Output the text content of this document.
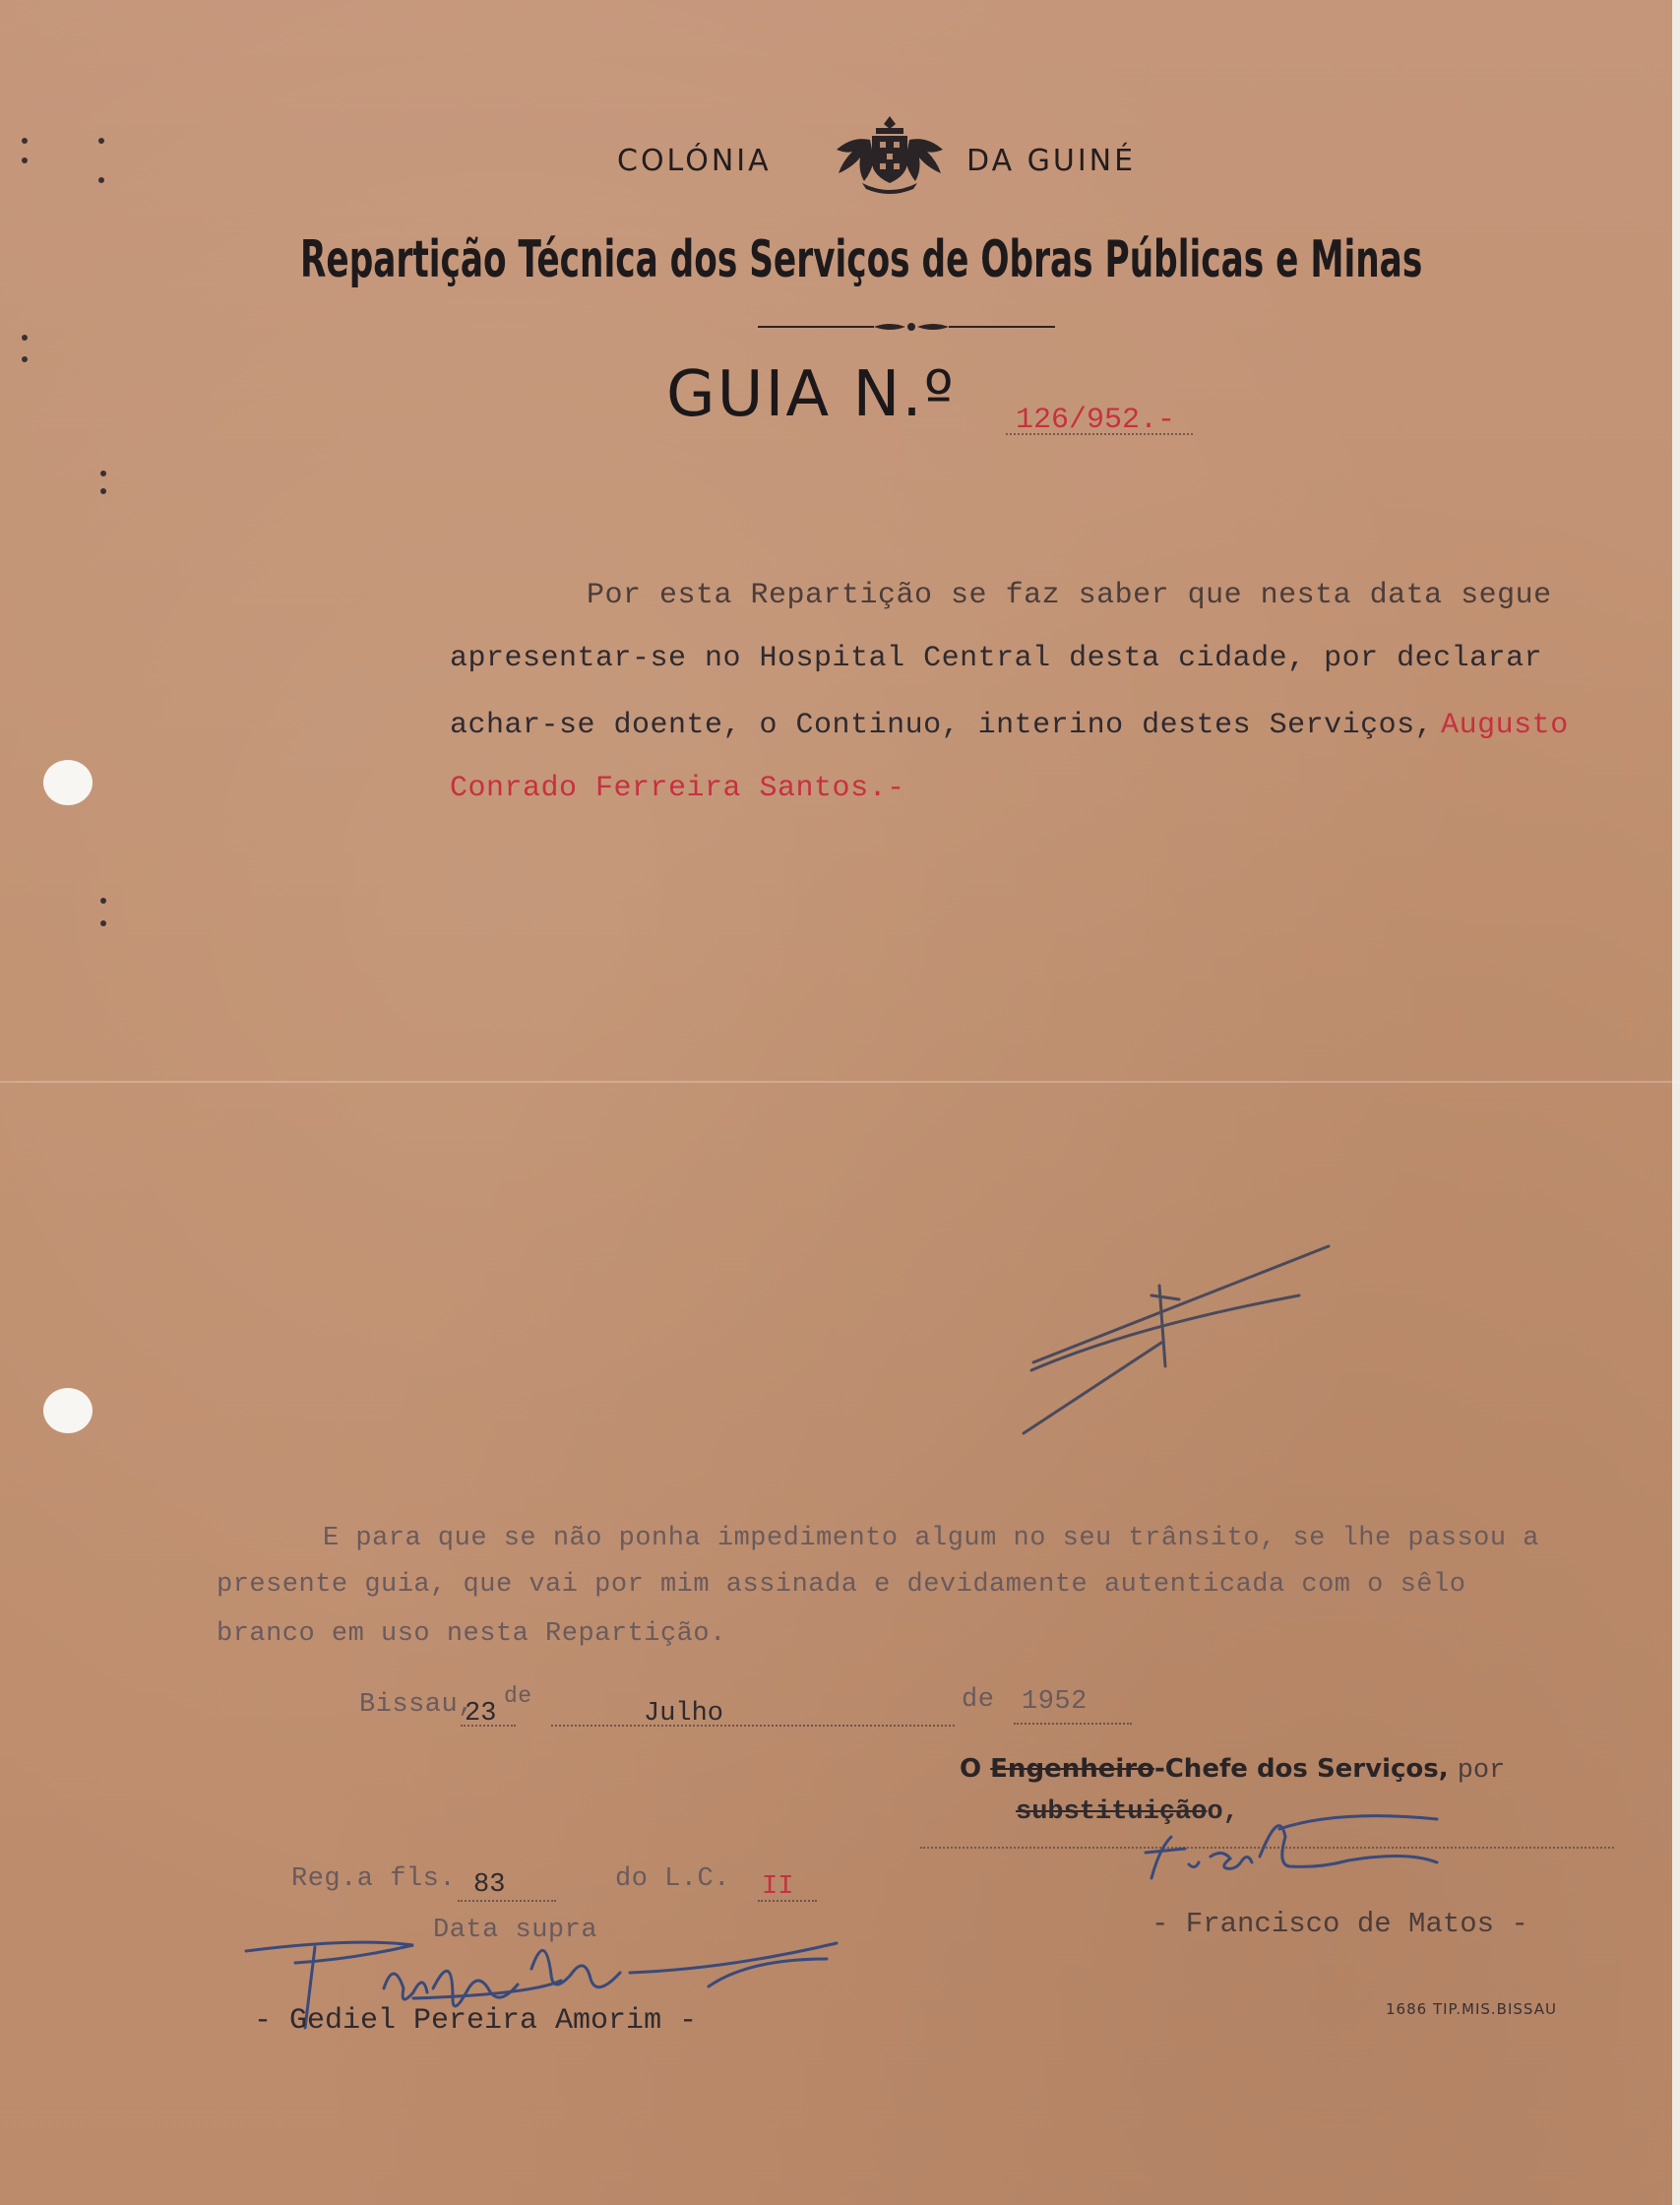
COLÓNIA	DA GUINÉ
Repartição Técnica dos Serviços de Obras Públicas e Minas
GUIA N.º 126/952.-
Por esta Repartição se faz saber que nesta data segue
apresentar-se no Hospital Central desta cidade, por declarar
achar-se doente, o Continuo, interino destes Serviços, Augusto
Conrado Ferreira Santos.-
E para que se não ponha impedimento algum no seu trânsito, se lhe passou a
presente guia, que vai por mim assinada e devidamente autenticada com o sêlo
branco em uso nesta Repartição.
Bissau,
23
de
Julho	de 1952
O Engenheiro-Chefe dos Serviços, por
substituiçãoo,
- Francisco de Matos -
Reg.a fls. 83	do L.C. II
Data supra
- Gediel Pereira Amorim -	1686 TIP.MIS.BISSAU
